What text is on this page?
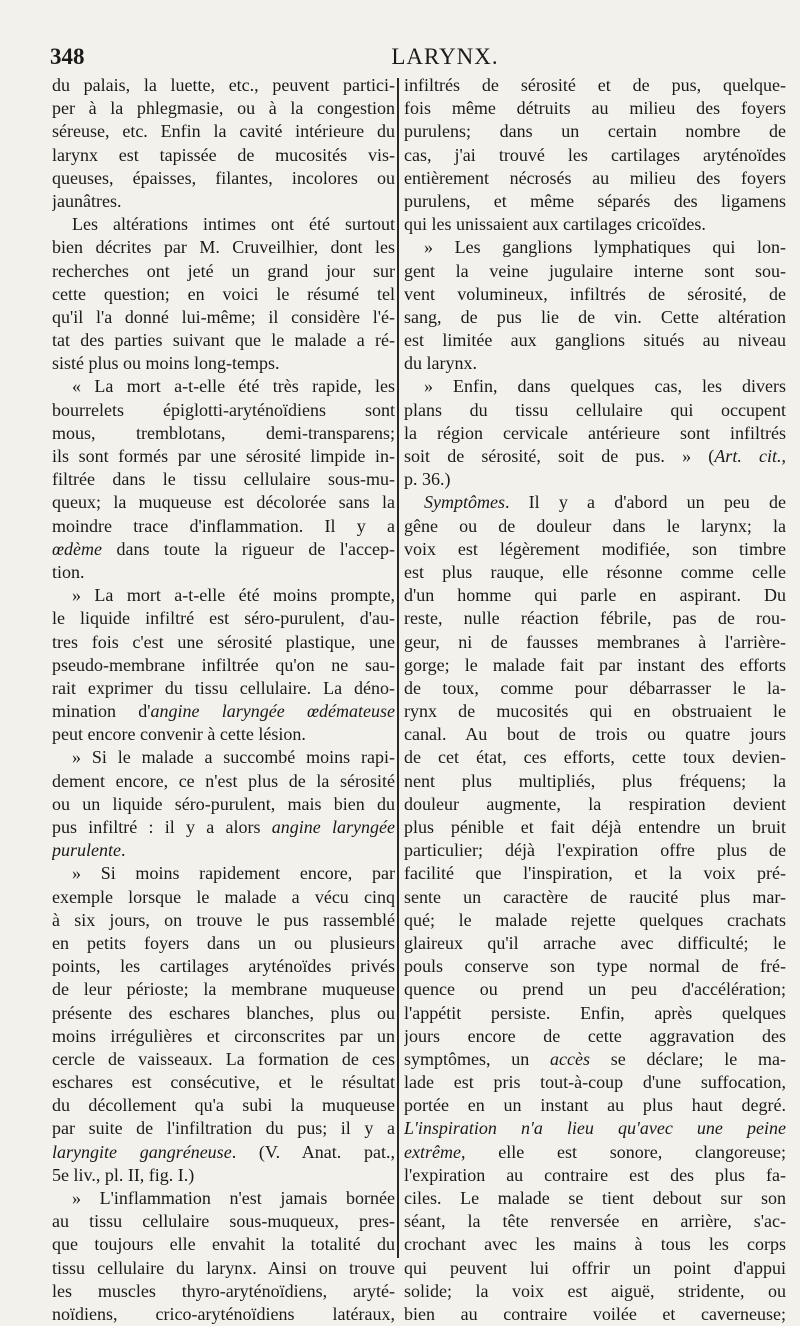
348	LARYNX.
du palais, la luette, etc., peuvent partici-
per à la phlegmasie, ou à la congestion
séreuse, etc. Enfin la cavité intérieure du
larynx est tapissée de mucosités vis-
queuses, épaisses, filantes, incolores ou
jaunâtres.
Les altérations intimes ont été surtout
bien décrites par M. Cruveilhier, dont les
recherches ont jeté un grand jour sur
cette question; en voici le résumé tel
qu'il l'a donné lui-même; il considère l'é-
tat des parties suivant que le malade a ré-
sisté plus ou moins long-temps.
« La mort a-t-elle été très rapide, les
bourrelets épiglotti-aryténoïdiens sont
mous, tremblotans, demi-transparens;
ils sont formés par une sérosité limpide in-
filtrée dans le tissu cellulaire sous-mu-
queux; la muqueuse est décolorée sans la
moindre trace d'inflammation. Il y a
œdème dans toute la rigueur de l'accep-
tion.
» La mort a-t-elle été moins prompte,
le liquide infiltré est séro-purulent, d'au-
tres fois c'est une sérosité plastique, une
pseudo-membrane infiltrée qu'on ne sau-
rait exprimer du tissu cellulaire. La déno-
mination d'angine laryngée œdémateuse
peut encore convenir à cette lésion.
» Si le malade a succombé moins rapi-
dement encore, ce n'est plus de la sérosité
ou un liquide séro-purulent, mais bien du
pus infiltré : il y a alors angine laryngée
purulente.
» Si moins rapidement encore, par
exemple lorsque le malade a vécu cinq
à six jours, on trouve le pus rassemblé
en petits foyers dans un ou plusieurs
points, les cartilages aryténoïdes privés
de leur périoste; la membrane muqueuse
présente des eschares blanches, plus ou
moins irrégulières et circonscrites par un
cercle de vaisseaux. La formation de ces
eschares est consécutive, et le résultat
du décollement qu'a subi la muqueuse
par suite de l'infiltration du pus; il y a
laryngite gangréneuse. (V. Anat. pat.,
5e liv., pl. II, fig. I.)
» L'inflammation n'est jamais bornée
au tissu cellulaire sous-muqueux, pres-
que toujours elle envahit la totalité du
tissu cellulaire du larynx. Ainsi on trouve
les muscles thyro-aryténoïdiens, aryté-
noïdiens, crico-aryténoïdiens latéraux,
infiltrés de sérosité et de pus, quelque-
fois même détruits au milieu des foyers
purulens; dans un certain nombre de
cas, j'ai trouvé les cartilages aryténoïdes
entièrement nécrosés au milieu des foyers
purulens, et même séparés des ligamens
qui les unissaient aux cartilages cricoïdes.
» Les ganglions lymphatiques qui lon-
gent la veine jugulaire interne sont sou-
vent volumineux, infiltrés de sérosité, de
sang, de pus lie de vin. Cette altération
est limitée aux ganglions situés au niveau
du larynx.
» Enfin, dans quelques cas, les divers
plans du tissu cellulaire qui occupent
la région cervicale antérieure sont infiltrés
soit de sérosité, soit de pus. » (Art. cit.,
p. 36.)
Symptômes. Il y a d'abord un peu de
gêne ou de douleur dans le larynx; la
voix est légèrement modifiée, son timbre
est plus rauque, elle résonne comme celle
d'un homme qui parle en aspirant. Du
reste, nulle réaction fébrile, pas de rou-
geur, ni de fausses membranes à l'arrière-
gorge; le malade fait par instant des efforts
de toux, comme pour débarrasser le la-
rynx de mucosités qui en obstruaient le
canal. Au bout de trois ou quatre jours
de cet état, ces efforts, cette toux devien-
nent plus multipliés, plus fréquens; la
douleur augmente, la respiration devient
plus pénible et fait déjà entendre un bruit
particulier; déjà l'expiration offre plus de
facilité que l'inspiration, et la voix pré-
sente un caractère de raucité plus mar-
qué; le malade rejette quelques crachats
glaireux qu'il arrache avec difficulté; le
pouls conserve son type normal de fré-
quence ou prend un peu d'accélération;
l'appétit persiste. Enfin, après quelques
jours encore de cette aggravation des
symptômes, un accès se déclare; le ma-
lade est pris tout-à-coup d'une suffocation,
portée en un instant au plus haut degré.
L'inspiration n'a lieu qu'avec une peine
extrême, elle est sonore, clangoreuse;
l'expiration au contraire est des plus fa-
ciles. Le malade se tient debout sur son
séant, la tête renversée en arrière, s'ac-
crochant avec les mains à tous les corps
qui peuvent lui offrir un point d'appui
solide; la voix est aiguë, stridente, ou
bien au contraire voilée et caverneuse;
